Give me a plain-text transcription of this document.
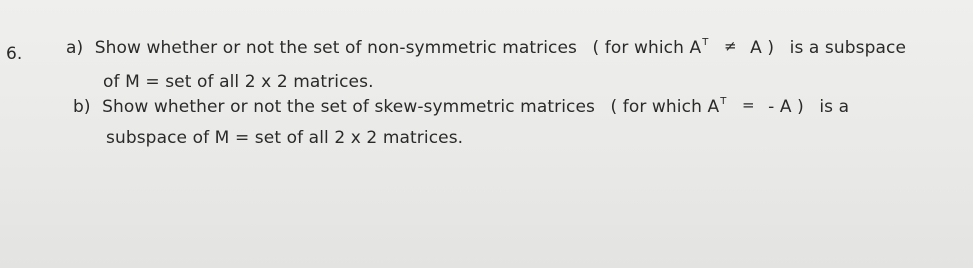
6.	a) Show whether or not the set of non-symmetric matrices ( for which $A^T \ne A$ ) is a subspace
of M = set of all 2 x 2 matrices.
b) Show whether or not the set of skew-symmetric matrices ( for which $A^T$ = - A ) is a
subspace of M = set of all 2 x 2 matrices.
